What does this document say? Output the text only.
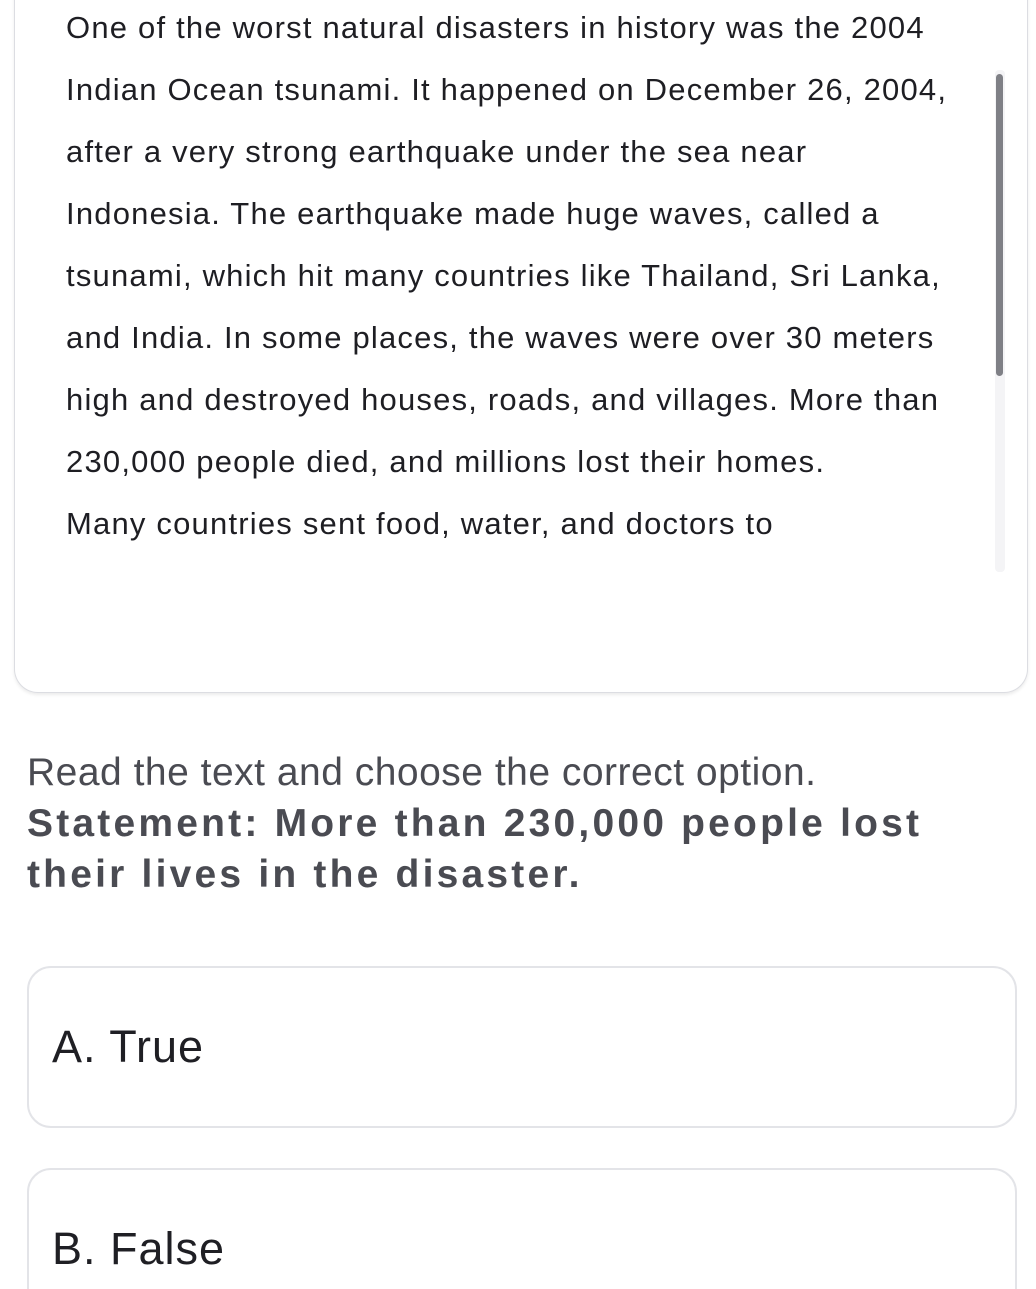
One of the worst natural disasters in history was the 2004 Indian Ocean tsunami. It happened on December 26, 2004, after a very strong earthquake under the sea near Indonesia. The earthquake made huge waves, called a tsunami, which hit many countries like Thailand, Sri Lanka, and India. In some places, the waves were over 30 meters high and destroyed houses, roads, and villages. More than 230,000 people died, and millions lost their homes.

Many countries sent food, water, and doctors to

Read the text and choose the correct option.
Statement: More than 230,000 people lost their lives in the disaster.
A. True
B. False
